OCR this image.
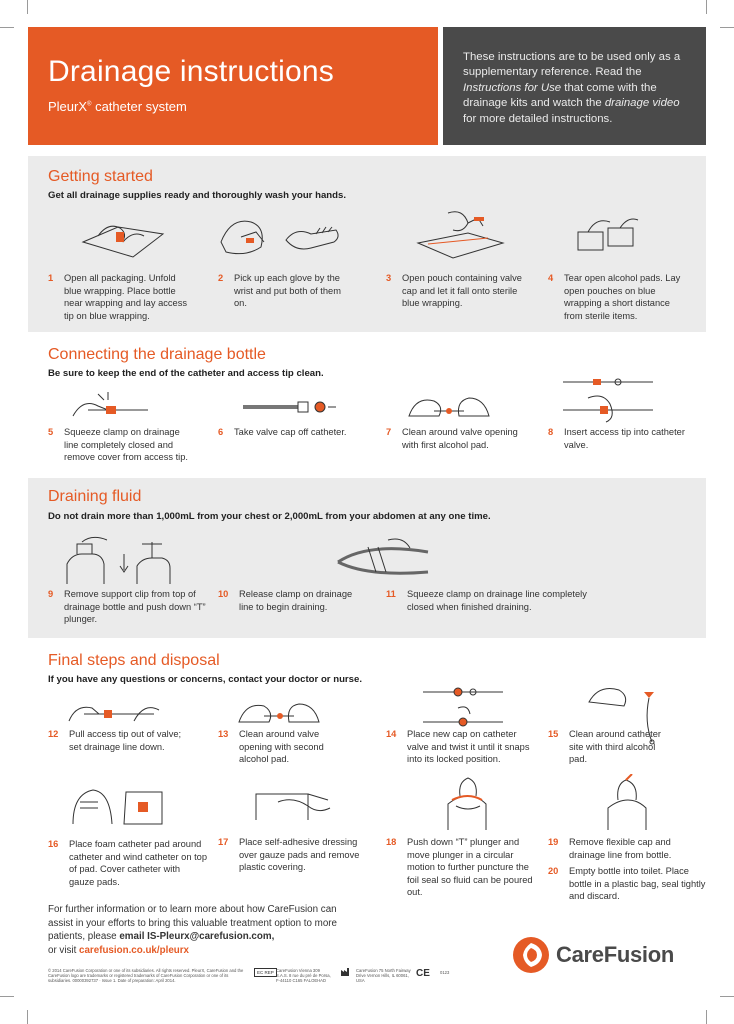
Drainage instructions
PleurX® catheter system
These instructions are to be used only as a supplementary reference. Read the Instructions for Use that come with the drainage kits and watch the drainage video for more detailed instructions.
Getting started
Get all drainage supplies ready and thoroughly wash your hands.
1	Open all packaging. Unfold blue wrapping. Place bottle near wrapping and lay access tip on blue wrapping.
2	Pick up each glove by the wrist and put both of them on.
3	Open pouch containing valve cap and let it fall onto sterile blue wrapping.
4	Tear open alcohol pads. Lay open pouches on blue wrapping a short distance from sterile items.
Connecting the drainage bottle
Be sure to keep the end of the catheter and access tip clean.
5	Squeeze clamp on drainage line completely closed and remove cover from access tip.
6	Take valve cap off catheter.	7	Clean around valve opening with first alcohol pad.
8	Insert access tip into catheter valve.
Draining fluid
Do not drain more than 1,000mL from your chest or 2,000mL from your abdomen at any one time.
9	Remove support clip from top of drainage bottle and push down “T” plunger.
10	Release clamp on drainage line to begin draining.
11	Squeeze clamp on drainage line completely closed when finished draining.
Final steps and disposal
If you have any questions or concerns, contact your doctor or nurse.
12	Pull access tip out of valve; set drainage line down.
13	Clean around valve opening with second alcohol pad.
14	Place new cap on catheter valve and twist it until it snaps into its locked position.
15	Clean around catheter site with third alcohol pad.
16	Place foam catheter pad around catheter and wind catheter on top of pad. Cover catheter with gauze pads.
17	Place self-adhesive dressing over gauze pads and remove plastic covering.
18	Push down “T” plunger and move plunger in a circular motion to further puncture the foil seal so fluid can be poured out.
19	Remove flexible cap and drainage line from bottle.
20	Empty bottle into toilet. Place bottle in a plastic bag, seal tightly and discard.
For further information or to learn more about how CareFusion can assist in your efforts to bring this valuable treatment option to more patients, please email IS-Pleurx@carefusion.com,
or visit carefusion.co.uk/pleurx
© 2014 CareFusion Corporation or one of its subsidiaries. All rights reserved. PleurX, CareFusion and the CareFusion logo are trademarks or registered trademarks of CareFusion Corporation or one of its subsidiaries. 00000392737 · Issue 1. Date of preparation: April 2014.
EC REP CareFusion Vienna 309 S.A.S. 8 rue du pré de Porsa, F-44110 C165 FALOEHAD
CareFusion 75 North Fairway Drive Vernon Hills, IL 60061, USA
CE 0123
CareFusion
